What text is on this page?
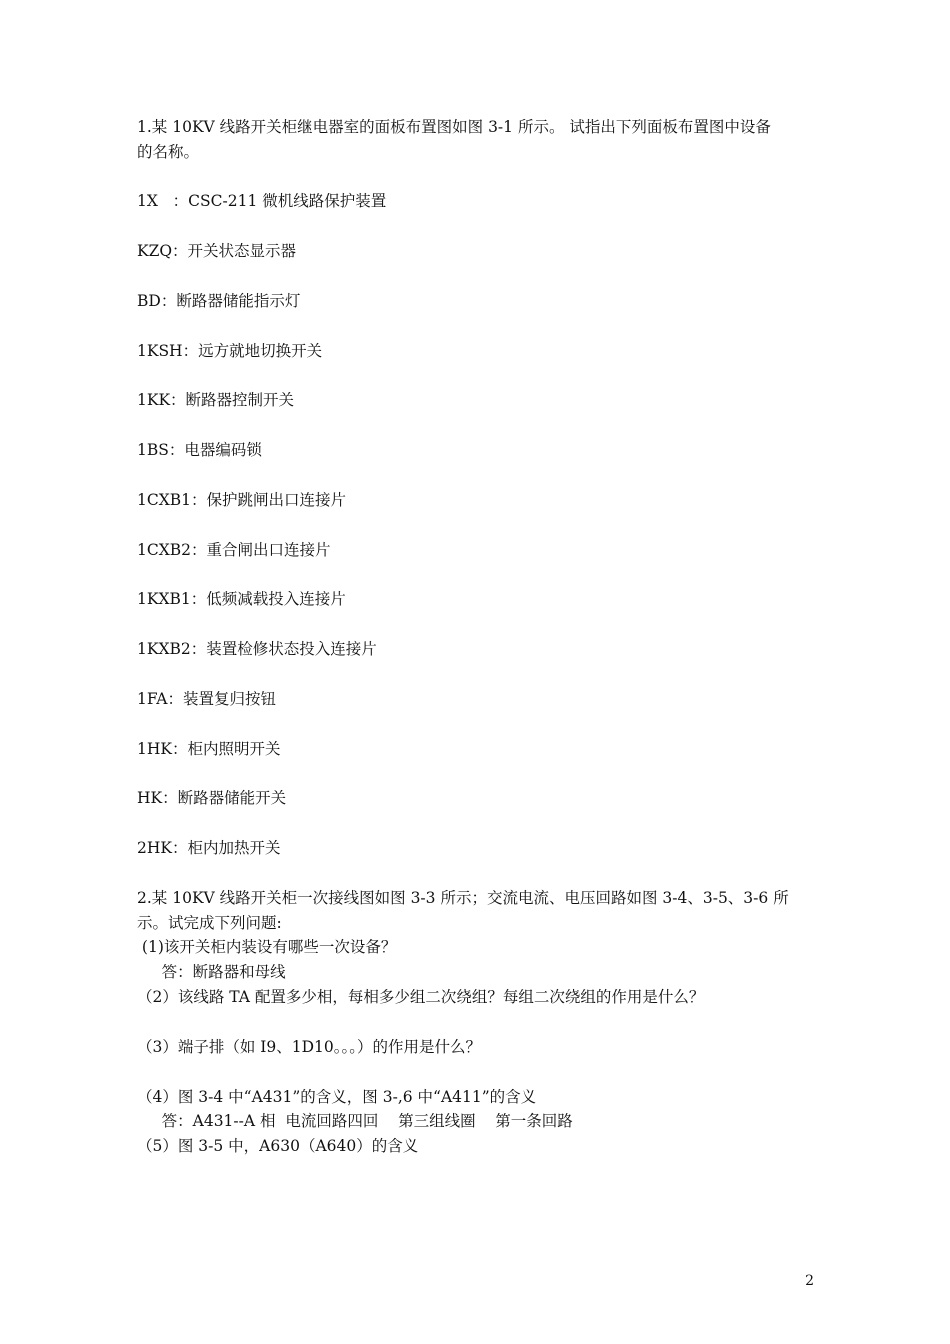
1.某 10KV 线路开关柜继电器室的面板布置图如图 3-1 所示。 试指出下列面板布置图中设备
的名称。
1X   ：CSC-211 微机线路保护装置
KZQ：开关状态显示器
BD：断路器储能指示灯
1KSH：远方就地切换开关
1KK：断路器控制开关
1BS：电器编码锁
1CXB1：保护跳闸出口连接片
1CXB2：重合闸出口连接片
1KXB1：低频减载投入连接片
1KXB2：装置检修状态投入连接片
1FA：装置复归按钮
1HK：柜内照明开关
HK：断路器储能开关
2HK：柜内加热开关
2.某 10KV 线路开关柜一次接线图如图 3-3 所示；交流电流、电压回路如图 3-4、3-5、3-6 所
示。试完成下列问题:
(1)该开关柜内装设有哪些一次设备？
答：断路器和母线
（2）该线路 TA 配置多少相，每相多少组二次绕组？每组二次绕组的作用是什么？
（3）端子排（如 I9、1D10。。。）的作用是什么？
（4）图 3-4 中“A431”的含义，图 3-,6 中“A411”的含义
答：A431--A 相  电流回路四回    第三组线圈    第一条回路
（5）图 3-5 中，A630（A640）的含义
2
